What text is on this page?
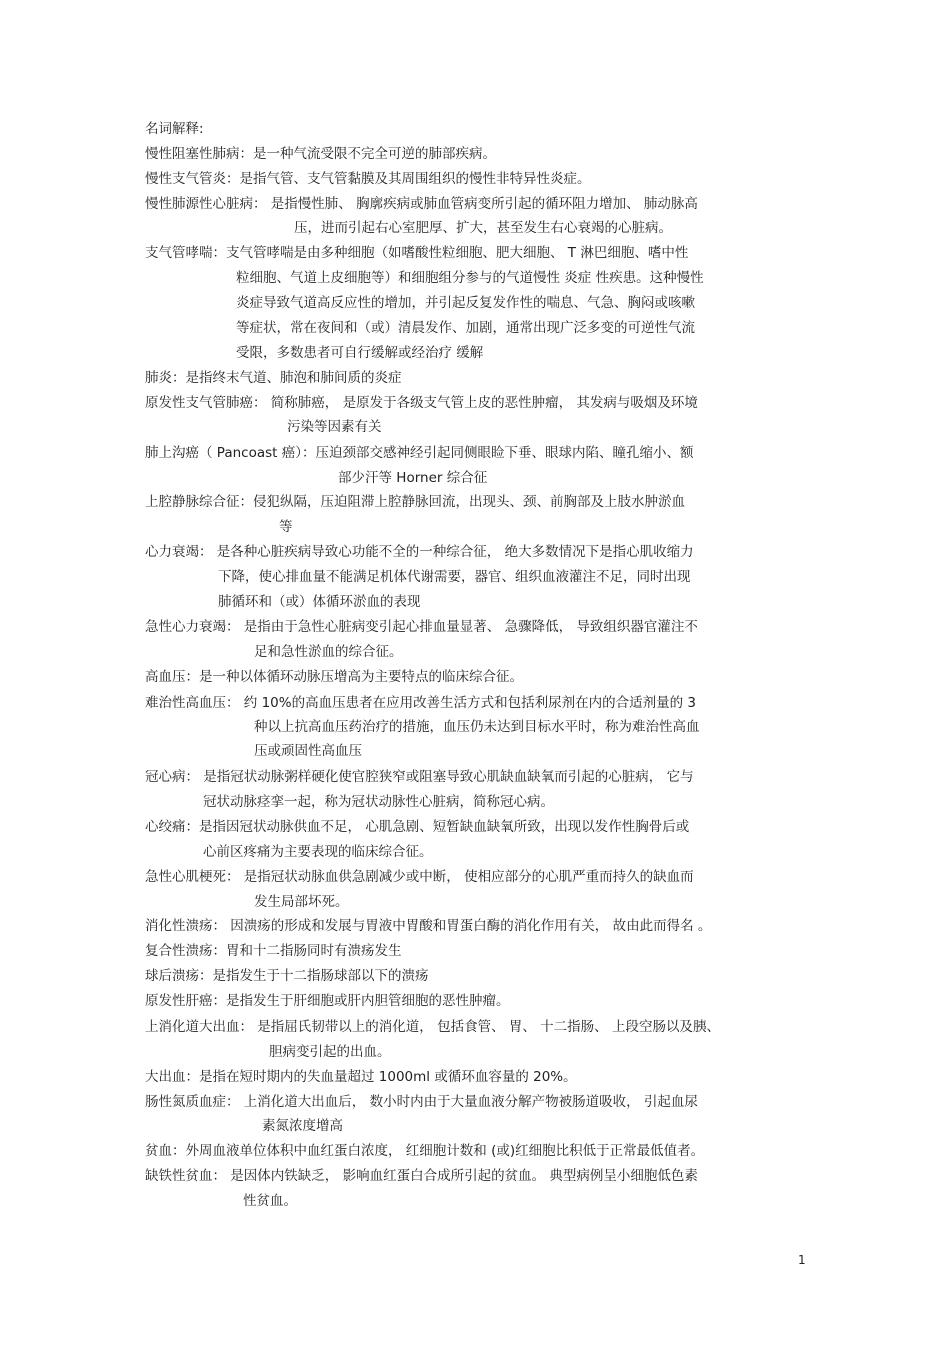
名词解释:
慢性阻塞性肺病：是一种气流受限不完全可逆的肺部疾病。
慢性支气管炎：是指气管、支气管黏膜及其周围组织的慢性非特异性炎症。
慢性肺源性心脏病： 是指慢性肺、 胸廓疾病或肺血管病变所引起的循环阻力增加、 肺动脉高
压，进而引起右心室肥厚、扩大，甚至发生右心衰竭的心脏病。
支气管哮喘：支气管哮喘是由多种细胞（如嗜酸性粒细胞、肥大细胞、 T 淋巴细胞、嗜中性
粒细胞、气道上皮细胞等）和细胞组分参与的气道慢性 炎症 性疾患。这种慢性
炎症导致气道高反应性的增加，并引起反复发作性的喘息、气急、胸闷或咳嗽
等症状，常在夜间和（或）清晨发作、加剧，通常出现广泛多变的可逆性气流
受限，多数患者可自行缓解或经治疗 缓解
肺炎：是指终末气道、肺泡和肺间质的炎症
原发性支气管肺癌： 简称肺癌， 是原发于各级支气管上皮的恶性肿瘤， 其发病与吸烟及环境
污染等因素有关
肺上沟癌（ Pancoast 癌）：压迫颈部交感神经引起同侧眼睑下垂、眼球内陷、瞳孔缩小、额
部少汗等 Horner 综合征
上腔静脉综合征：侵犯纵隔，压迫阻滞上腔静脉回流，出现头、颈、前胸部及上肢水肿淤血
等
心力衰竭： 是各种心脏疾病导致心功能不全的一种综合征， 绝大多数情况下是指心肌收缩力
下降，使心排血量不能满足机体代谢需要，器官、组织血液灌注不足，同时出现
肺循环和（或）体循环淤血的表现
急性心力衰竭： 是指由于急性心脏病变引起心排血量显著、 急骤降低， 导致组织器官灌注不
足和急性淤血的综合征。
高血压：是一种以体循环动脉压增高为主要特点的临床综合征。
难治性高血压： 约 10%的高血压患者在应用改善生活方式和包括利尿剂在内的合适剂量的 3
种以上抗高血压药治疗的措施，血压仍未达到目标水平时，称为难治性高血
压或顽固性高血压
冠心病： 是指冠状动脉粥样硬化使官腔狭窄或阻塞导致心肌缺血缺氧而引起的心脏病， 它与
冠状动脉痉挛一起，称为冠状动脉性心脏病，简称冠心病。
心绞痛：是指因冠状动脉供血不足， 心肌急剧、短暂缺血缺氧所致，出现以发作性胸骨后或
心前区疼痛为主要表现的临床综合征。
急性心肌梗死： 是指冠状动脉血供急剧减少或中断， 使相应部分的心肌严重而持久的缺血而
发生局部坏死。
消化性溃疡： 因溃疡的形成和发展与胃液中胃酸和胃蛋白酶的消化作用有关， 故由此而得名 。
复合性溃疡：胃和十二指肠同时有溃疡发生
球后溃疡：是指发生于十二指肠球部以下的溃疡
原发性肝癌：是指发生于肝细胞或肝内胆管细胞的恶性肿瘤。
上消化道大出血： 是指屈氏韧带以上的消化道， 包括食管、 胃、 十二指肠、 上段空肠以及胰、
胆病变引起的出血。
大出血：是指在短时期内的失血量超过 1000ml 或循环血容量的 20%。
肠性氮质血症： 上消化道大出血后， 数小时内由于大量血液分解产物被肠道吸收， 引起血尿
素氮浓度增高
贫血：外周血液单位体积中血红蛋白浓度， 红细胞计数和 (或)红细胞比积低于正常最低值者。
缺铁性贫血： 是因体内铁缺乏， 影响血红蛋白合成所引起的贫血。 典型病例呈小细胞低色素
性贫血。
1
